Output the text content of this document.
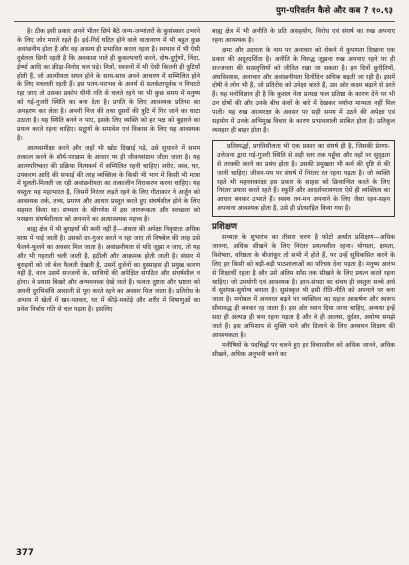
युग-परिवर्तन कैसे और कब ? १०.९३

है। ठीक इसी प्रकार अपने भीतर छिपे बैठे जन्म-जन्मांतरों के कुसंस्कार उभरने के लिए जोर मारते रहते हैं। इर्द-गिर्द घटित होने वाले वातावरण में भी बहुत कुछ अवांछनीय होता है और वह अवश्य ही प्रभावित करता रहता है। स्वभाव में भी ऐसी दुर्बलता छिपी रहती है कि अवकाश पाते ही कुकल्पनाएँ करने, दोष-दुर्गुणों, निंदा, ईर्ष्या आदि का क्रीड़ा-विनोद चल पड़े। मित्रों, स्वजनों में भी ऐसी कितनी ही त्रुटियाँ होती हैं, जो आत्मीयता सघन होने के साथ-साथ अपने आचरण में सम्मिलित होने के लिए मचलती रहती हैं। इस पतन-पराभव के अनर्थ से सतर्कतापूर्वक न निपटते रहा जाए तो उसका प्रकोप धीमी गति से चलते रहने पर भी कुछ समय में मनुष्य को गई-गुजरी स्थिति का बना देता है। प्रगति के लिए आवश्यक प्रतिभा का अपहरण कर लेता है। अपनी निज की तथा दूसरों की त्रुटि में गिर जाने का घाटा उठाता है। यह स्थिति बनने न पाए, इसके लिए व्यक्ति को हर पक्ष को बुहारने का प्रयत्न करते रहना चाहिए। सद्गुणों के समावेश एवं विकास के लिए यह आवश्यक है।

आत्मसमीक्षा करने और जहाँ भी खोट दिखाई पड़े, उसे सुधारने में समय तत्काल करने के शौर्य-पराक्रम के आधार पर ही जीवनसंग्राम जीता जाता है। यह आत्मपरिष्कार की प्रक्रिया नित्यकर्म में सम्मिलित रहनी चाहिए। शरीर, वस्त्र, घर, उपकरण आदि की सफाई की तरह व्यक्तित्व के किसी भी भाग में किसी भी मात्रा में घुलती-मिलती जा रही अवांछनीयता का तत्कालीन निराकरण करना चाहिए। यह वस्तुतः यह महाभारत है, जिसमें निरंतर लड़ते रहने के लिए गीताकार ने अर्जुन को आवश्यक तर्क, तथ्य, प्रमाण और आधार प्रस्तुत करते हुए संघर्षशील होने के लिए सहमत किया था। सभ्यता के श्रीगणेश में इस जागरूकता और स्वच्छता को परखना संघर्षशीलता को अपनाने का अत्यावश्यक महत्त्व है।

बाह्य क्षेत्र में भी बुराइयाँ की कमी नहीं हैं—अंधता की अपेक्षा निकृष्टता अधिक मात्रा में पाई जाती है। उसको दर-गुजर करते न रहा जाए तो विषबेल की तरह उसे फैलने-फूलने का अवसर मिल जाता है। अवांछनीयता से यदि जूझा न जाए, तो यह और भी गहराती चली जाती है, हठीली और आक्रमक होती जाती है। संसार में बुराइयों को जो बेल फैलती देखती है, उसमें दुर्जनों का दुस्साहस ही प्रमुख कारण नहीं है, वरन उसमें सज्जनों के, साथियों की अपेक्षित संगठित और संघर्षशील न होना। वे प्रयास बिखरे और अन्यमनस्क देखे जाते हैं। फलतः दुष्टता और भ्रष्टता को अपनी दुरभिसंधि आसानी से पूरा करते रहने का अवसर मिल जाता है। प्रतिरोध के अभाव में खेतों में खर-पतवार, घर में कीड़े-मकोड़े और शरीर में विषाणुओं का प्रवेश निर्बाध गति से चल पड़ता है। इसलिए

बाह्य क्षेत्र में भी अनीति के प्रति असहयोग, विरोध एवं संघर्ष का रुख अपनाए रहना आवश्यक है।

क्षमा और उदारता के नाम पर अनाचार को रोकने में कुपणता दिखाना एक प्रकार की अदूरदर्शिता है। अनीति के विरुद्ध जूझना रुख अपनाए रहने पर ही सज्जनता की सत्प्रवृत्तियों को जीवित रखा जा सकता है। इन दिनों कुरीतियों, अंधविश्वास, अनाचार और अवांछनीयता दिनोंदिन अधिक बढ़ती जा रही है। इसमें दोषी वे लोग भी हैं, जो प्रतिरोध को उपेक्षा करते हैं, उस ओर कदम बढ़ाने से डरते हैं। यह मनोविज्ञान ही है कि कुशल नेता प्रत्यक्ष फल प्रतिष्ठा के कारण देने पर भी उन दोषों की और उनके बीच कंधों के बारे में देखकर पर्याप्त मान्यता नहीं मिल पाती। यह रुख आत्मरक्षा के अवसर पर सही समय में उठने की अपेक्षा एवं सहयोग में उनके अभिमुख विचार के कारण प्रभावशाली साबित होता है। प्रतिकूल व्यवहार ही बाहर होता है।

प्रतिस्पर्द्धा, प्रगतिशीलता भी एक प्रकार का संघर्ष ही है, जिसकी प्रेरणा-उत्तेजना द्वारा गई-गुजरी स्थिति से सही स्तर तक पहुँचा और वहाँ पर सुदृढ़ता से तरक्की करने का प्रबंध होता है। उसकी प्रमुखता भी कर्म की दृष्टि से की जानी चाहिए। जीवन-पथ पर संघर्ष में निरंतर रत रहना पड़ता है। जो व्यक्ति रहते भी महत्त्वाकांक्षा इस प्रकार के साहस को क्रियान्वित करते के लिए निरंतर प्रयास करते रहते हैं। स्फूर्ति और आदर्शपरायणता ऐसे ही व्यक्तित्व का आधार बनकर उभरते हैं। स्वस्थ तन-मन अपनाने के लिए जैसा रहन-सहन अपनाना आवश्यक होता है, उसे ही प्रोत्साहित किया गया है।

प्रशिक्षण

सभ्यता के शुभारंभ का तीसरा चरण है फोटो अर्थात प्रशिक्षण—अधिक जानना, अधिक सीखने के लिए निरंतर प्रयत्नशील रहना। योग्यता, क्षमता, विशेषता, वरिष्ठता के बीजांकुर तो सभी में होते हैं, पर उन्हें सुविकसित करने के लिए हर किसी को बड़ी-बड़ी पाठशालाओं का परिचय देना पड़ता है। मनुष्य आरंभ से शिक्षार्थी रहता है और उसे अंतिम साँस तक सीखने के लिए प्रयत्न करते रहना चाहिए। जो उपयोगी एवं आवश्यक है। ज्ञान-संपदा का संचय ही वस्तुतः सच्चे अर्थ में सुसंपन्न-सुयोग्य बनाता है। सुसंस्कृत भी इसी रीति-नीति को अपनाने पर बना जाता है। मनोबल में अनवरत बढ़ने पर व्यक्तित्व का सहज आकर्षण और स्वरूप सीमावद्ध ही बनकर रह जाता है। इस ओर ध्यान दिया जाना चाहिए, अन्यथा इन्हें सदा ही अल्पज्ञ ही बना रहना पड़ता है और वे ही आलस, दुर्दशा, अयोग्य समझे जाते हैं। इस अभिशाप से मुक्ति पाने और दिलाने के लिए अध्ययन शिक्षण की आवश्यकता है।

मनीषियों के पदचिह्नों पर चलने हुए हर विचारशील को अधिक जानने, अधिक सीखने, अधिक अनुभवी बनने का

377
